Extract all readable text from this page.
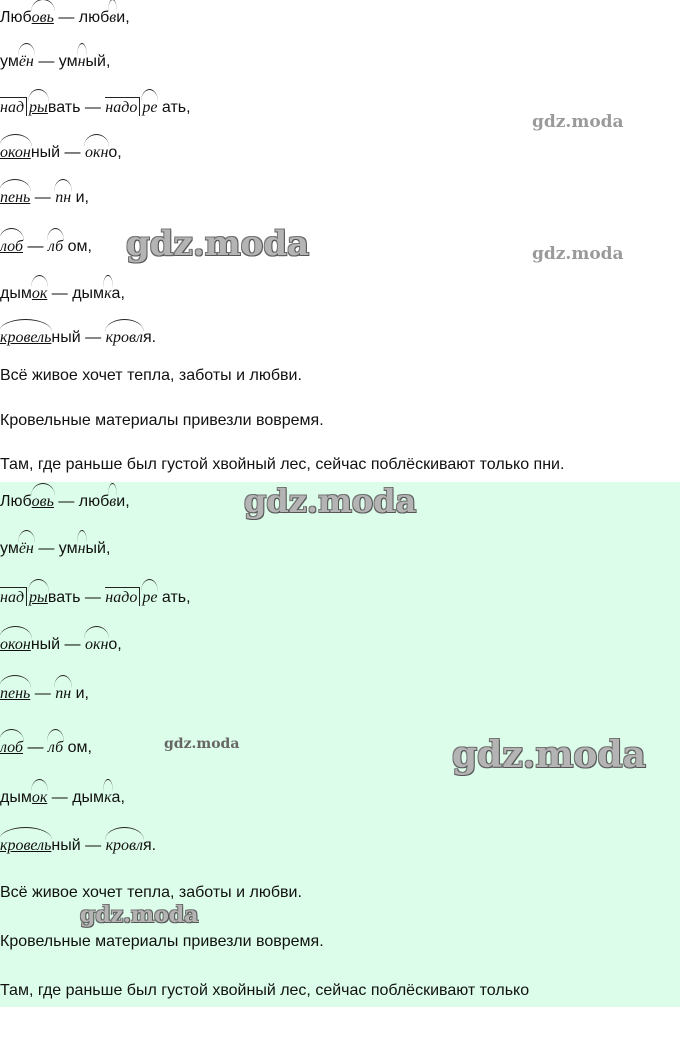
Любовь — любви,
умён — умный,
над рывать — надо ре ать,
оконный — окно,
пень — пн и,
лоб — лб ом,
дымок — дымка,
кровельный — кровля.
Всё живое хочет тепла, заботы и любви.
Кровельные материалы привезли вовремя.
Там, где раньше был густой хвойный лес, сейчас поблёскивают только пни.
gdz.moda
gdz.moda	gdz.moda
Любовь — любви,
умён — умный,
над рывать — надо ре ать,
оконный — окно,
пень — пн и,
лоб — лб ом,
дымок — дымка,
кровельный — кровля.
Всё живое хочет тепла, заботы и любви.
Кровельные материалы привезли вовремя.
Там, где раньше был густой хвойный лес, сейчас поблёскивают только
gdz.moda
gdz.moda	gdz.moda
gdz.moda
